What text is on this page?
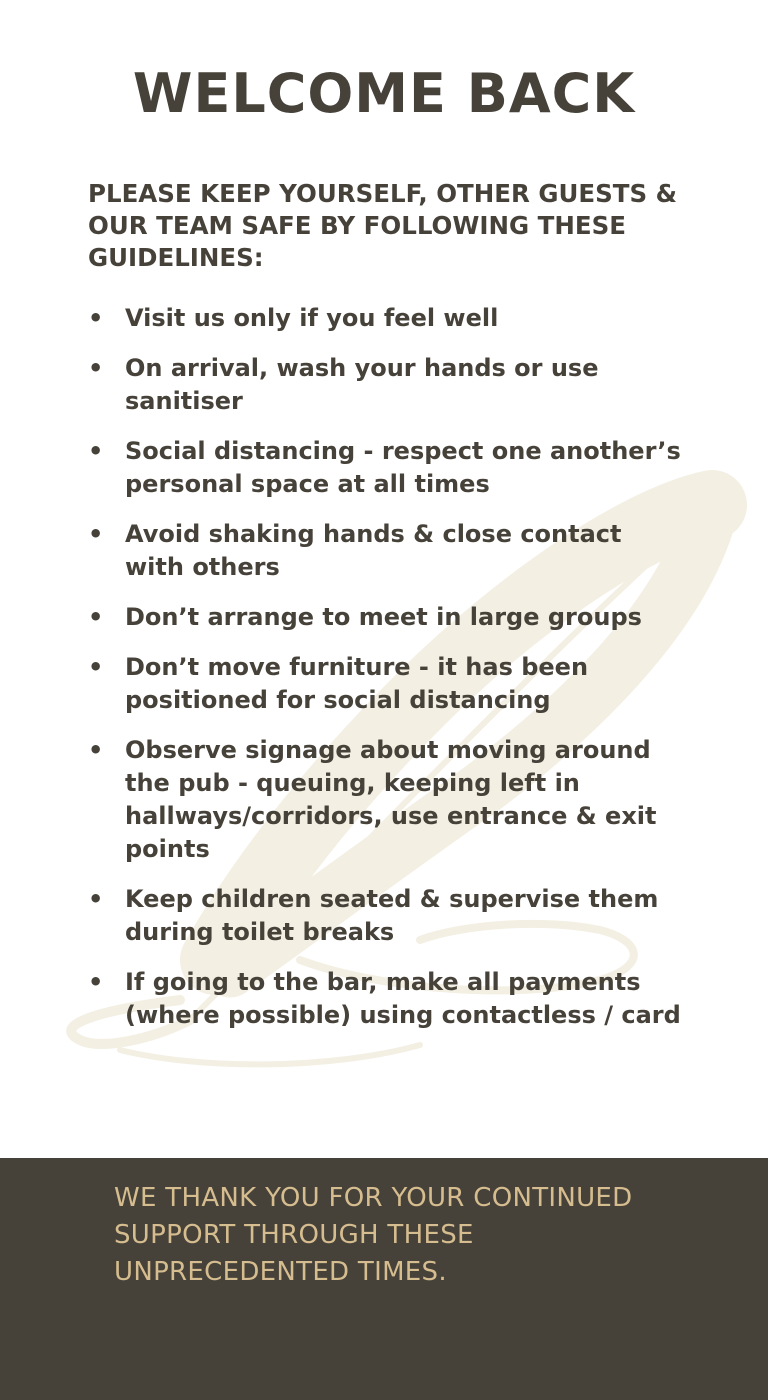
WELCOME BACK

PLEASE KEEP YOURSELF, OTHER GUESTS & OUR TEAM SAFE BY FOLLOWING THESE GUIDELINES:

• Visit us only if you feel well
• On arrival, wash your hands or use sanitiser
• Social distancing - respect one another’s personal space at all times
• Avoid shaking hands & close contact with others
• Don’t arrange to meet in large groups
• Don’t move furniture - it has been positioned for social distancing
• Observe signage about moving around the pub - queuing, keeping left in hallways/corridors, use entrance & exit points
• Keep children seated & supervise them during toilet breaks
• If going to the bar, make all payments (where possible) using contactless / card

WE THANK YOU FOR YOUR CONTINUED SUPPORT THROUGH THESE UNPRECEDENTED TIMES.
